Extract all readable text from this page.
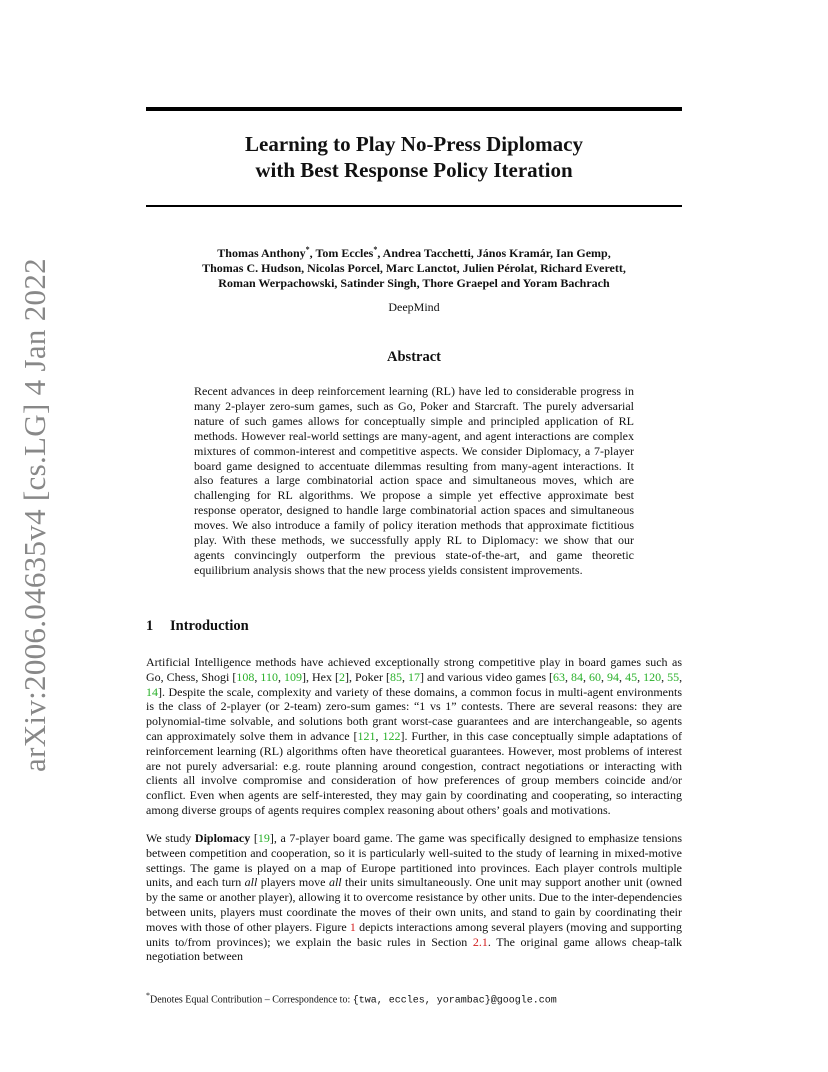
arXiv:2006.04635v4 [cs.LG] 4 Jan 2022
Learning to Play No-Press Diplomacy
with Best Response Policy Iteration
Thomas Anthony*, Tom Eccles*, Andrea Tacchetti, János Kramár, Ian Gemp,
Thomas C. Hudson, Nicolas Porcel, Marc Lanctot, Julien Pérolat, Richard Everett,
Roman Werpachowski, Satinder Singh, Thore Graepel and Yoram Bachrach
DeepMind
Abstract
Recent advances in deep reinforcement learning (RL) have led to considerable progress in many 2-player zero-sum games, such as Go, Poker and Starcraft. The purely adversarial nature of such games allows for conceptually simple and principled application of RL methods. However real-world settings are many-agent, and agent interactions are complex mixtures of common-interest and competitive aspects. We consider Diplomacy, a 7-player board game designed to accentuate dilemmas resulting from many-agent interactions. It also features a large combinatorial action space and simultaneous moves, which are challenging for RL algorithms. We propose a simple yet effective approximate best response operator, designed to handle large combinatorial action spaces and simultaneous moves. We also introduce a family of policy iteration methods that approximate fictitious play. With these methods, we successfully apply RL to Diplomacy: we show that our agents convincingly outperform the previous state-of-the-art, and game theoretic equilibrium analysis shows that the new process yields consistent improvements.
1 Introduction
Artificial Intelligence methods have achieved exceptionally strong competitive play in board games such as Go, Chess, Shogi [108, 110, 109], Hex [2], Poker [85, 17] and various video games [63, 84, 60, 94, 45, 120, 55, 14]. Despite the scale, complexity and variety of these domains, a common focus in multi-agent environments is the class of 2-player (or 2-team) zero-sum games: “1 vs 1” contests. There are several reasons: they are polynomial-time solvable, and solutions both grant worst-case guarantees and are interchangeable, so agents can approximately solve them in advance [121, 122]. Further, in this case conceptually simple adaptations of reinforcement learning (RL) algorithms often have theoretical guarantees. However, most problems of interest are not purely adversarial: e.g. route planning around congestion, contract negotiations or interacting with clients all involve compromise and consideration of how preferences of group members coincide and/or conflict. Even when agents are self-interested, they may gain by coordinating and cooperating, so interacting among diverse groups of agents requires complex reasoning about others’ goals and motivations.
We study Diplomacy [19], a 7-player board game. The game was specifically designed to emphasize tensions between competition and cooperation, so it is particularly well-suited to the study of learning in mixed-motive settings. The game is played on a map of Europe partitioned into provinces. Each player controls multiple units, and each turn all players move all their units simultaneously. One unit may support another unit (owned by the same or another player), allowing it to overcome resistance by other units. Due to the inter-dependencies between units, players must coordinate the moves of their own units, and stand to gain by coordinating their moves with those of other players. Figure 1 depicts interactions among several players (moving and supporting units to/from provinces); we explain the basic rules in Section 2.1. The original game allows cheap-talk negotiation between
*Denotes Equal Contribution – Correspondence to: {twa, eccles, yorambac}@google.com
